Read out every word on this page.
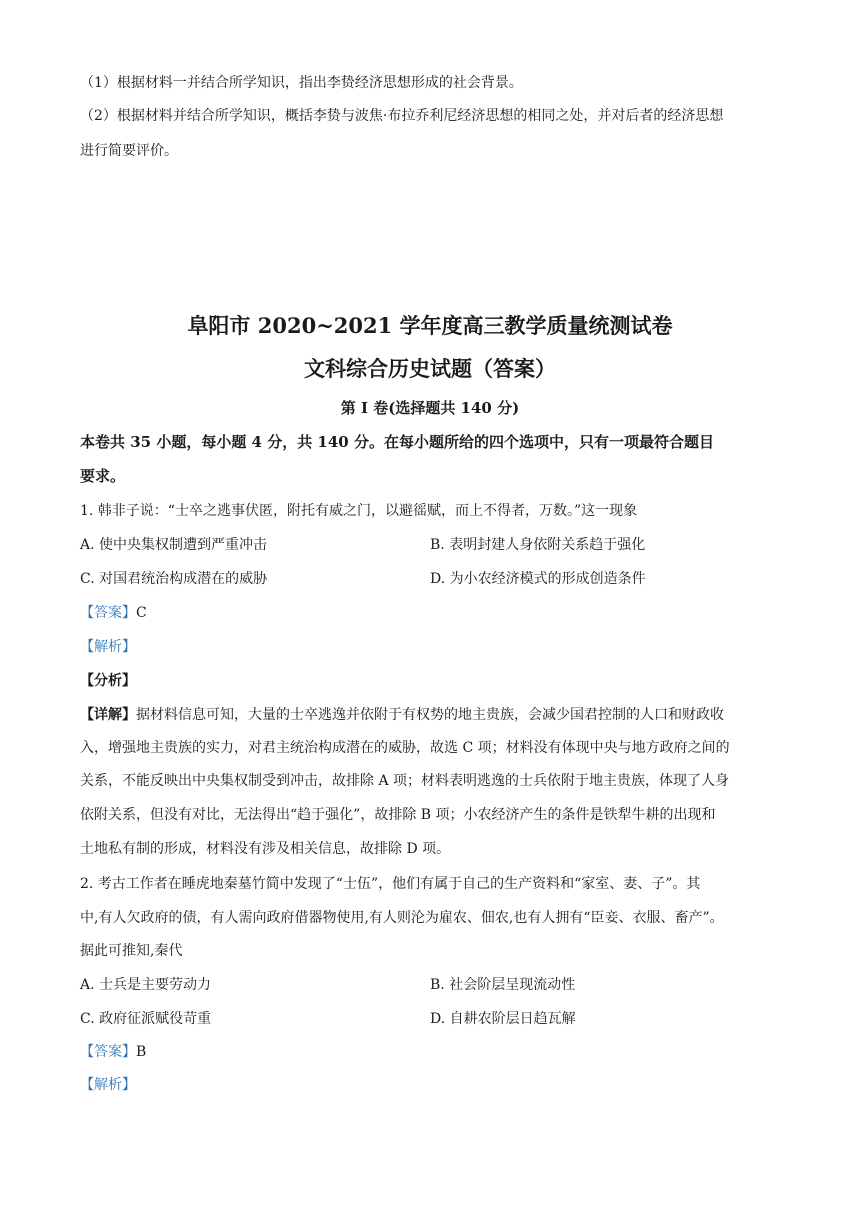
（1）根据材料一并结合所学知识，指出李贽经济思想形成的社会背景。
（2）根据材料并结合所学知识，概括李贽与波焦·布拉乔利尼经济思想的相同之处，并对后者的经济思想
进行简要评价。
阜阳市 2020~2021 学年度高三教学质量统测试卷
文科综合历史试题（答案）
第 I 卷(选择题共 140 分)
本卷共 35 小题，每小题 4 分，共 140 分。在每小题所给的四个选项中，只有一项最符合题目
要求。
1. 韩非子说：“士卒之逃事伏匿，附托有威之门，以避徭赋，而上不得者，万数。”这一现象
A. 使中央集权制遭到严重冲击	B. 表明封建人身依附关系趋于强化
C. 对国君统治构成潜在的威胁	D. 为小农经济模式的形成创造条件
【答案】C
【解析】
【分析】
【详解】据材料信息可知，大量的士卒逃逸并依附于有权势的地主贵族，会减少国君控制的人口和财政收
入，增强地主贵族的实力，对君主统治构成潜在的威胁，故选 C 项；材料没有体现中央与地方政府之间的
关系，不能反映出中央集权制受到冲击，故排除 A 项；材料表明逃逸的士兵依附于地主贵族，体现了人身
依附关系，但没有对比，无法得出“趋于强化”，故排除 B 项；小农经济产生的条件是铁犁牛耕的出现和
土地私有制的形成，材料没有涉及相关信息，故排除 D 项。
2. 考古工作者在睡虎地秦墓竹简中发现了“士伍”，他们有属于自己的生产资料和“家室、妻、子”。其
中,有人欠政府的债，有人需向政府借器物使用,有人则沦为雇农、佃农,也有人拥有“臣妾、衣服、畜产”。
据此可推知,秦代
A. 士兵是主要劳动力	B. 社会阶层呈现流动性
C. 政府征派赋役苛重	D. 自耕农阶层日趋瓦解
【答案】B
【解析】
